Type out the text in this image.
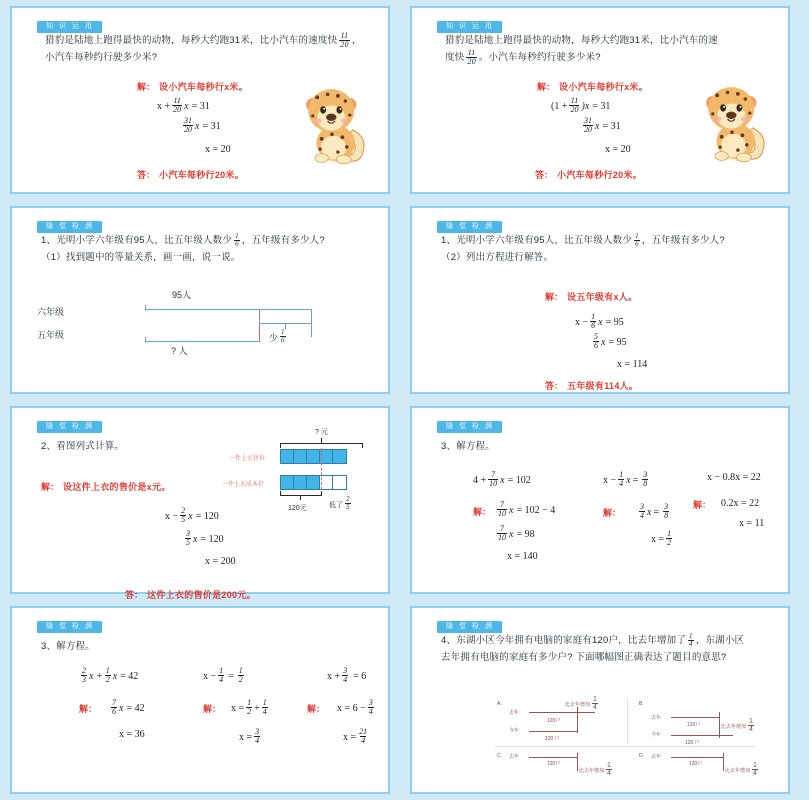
知 识 运 用
猎豹是陆地上跑得最快的动物，每秒大约跑31米，比小汽车的速度快 $\frac{11}{20}$ ，
小汽车每秒约行驶多少米?
解： 设小汽车每秒行x米。
$x + \frac{11}{20}$ x = 31
$\frac{31}{20}$ x = 31
x = 20
答： 小汽车每秒行20米。
知 识 运 用
猎豹是陆地上跑得最快的动物，每秒大约跑31米，比小汽车的速
度快 $\frac{11}{20}$ 。小汽车每秒约行驶多少米?
解： 设小汽车每秒行x米。
$(1 + \frac{11}{20} )x = 31$
$\frac{31}{20}$ x = 31
x = 20
答： 小汽车每秒行20米。
随 堂 检 测
1、 光明小学六年级有95人，比五年级人数少 $\frac{1}{6}$ ，五年级有多少人?
（1）找到题中的等量关系，画一画，说一说。
95人
六年级
五年级
? 人
少 $\frac{1}{6}$
随 堂 检 测
1、 光明小学六年级有95人，比五年级人数少 $\frac{1}{6}$ ，五年级有多少人?
（2）列出方程进行解答。
解： 设五年级有x人。
$x - \frac{1}{6}$ x = 95
$\frac{5}{6}$ x = 95
x = 114
答： 五年级有114人。
随 堂 检 测
2、 看图列式计算。
解： 设这件上衣的售价是x元。
$x - \frac{2}{5}$ x = 120
$\frac{3}{5}$ x = 120
x = 200
答： 这件上衣的售价是200元。
? 元
一件上衣售价
一件上衣成本价
120元	低了 $\frac{2}{5}$
随 堂 检 测
3、 解方程。
$4 + \frac{7}{10}$ x = 102
解： $\frac{7}{10}$ x = 102 − 4
$\frac{7}{10}$ x = 98
x = 140
$x - \frac{1}{4}$ $x = \frac{3}{8}$
解： $\frac{3}{4}$ $x = \frac{3}{8}$
$x = \frac{1}{2}$
x − 0.8x = 22
解： 0.2x = 22
x = 11
随 堂 检 测
3、 解方程。
$\frac{2}{3}$ $x + \frac{1}{2}$ x = 42
解： $\frac{7}{6}$ x = 42
x = 36
$x - \frac{1}{4} = \frac{1}{2}$
解： $x = \frac{1}{2} + \frac{1}{4}$
$x = \frac{3}{4}$
$x + \frac{3}{4} = 6$
解： $x = 6 - \frac{3}{4}$
$x = \frac{21}{4}$
随 堂 检 测
4、 东湖小区今年拥有电脑的家庭有120户，比去年增加了 $\frac{1}{4}$ ，东湖小区
去年拥有电脑的家庭有多少户? 下面哪幅图正确表达了题目的意思?
A.
去年
今年
120户
120 户
比去年增加 $\frac{1}{4}$	B.
去年
今年
120户
120 户
比去年增加 $\frac{1}{4}$
C. 去年
120户
比去年增加 $\frac{1}{4}$
D. 去年
120户
比去年增加 $\frac{1}{4}$
